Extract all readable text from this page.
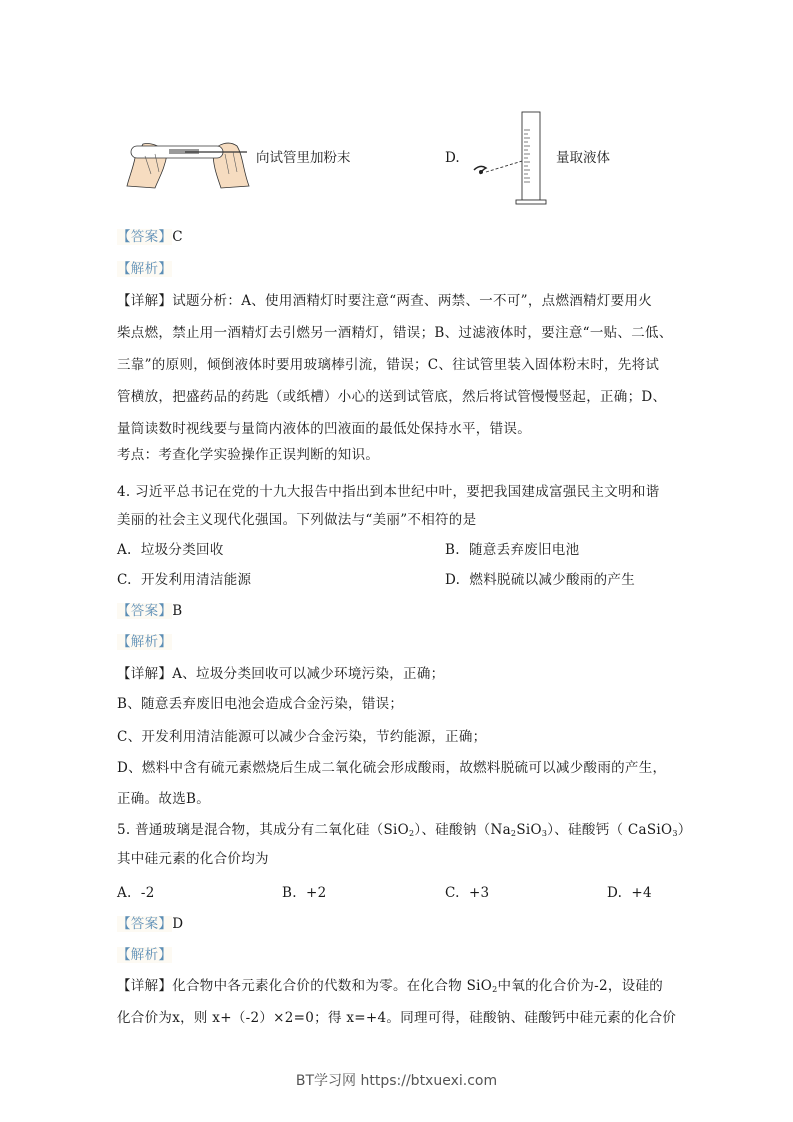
向试管里加粉末	D.	量取液体
【答案】C
【解析】
【详解】试题分析：A、使用酒精灯时要注意“两查、两禁、一不可”，点燃酒精灯要用火
柴点燃，禁止用一酒精灯去引燃另一酒精灯，错误；B、过滤液体时，要注意“一贴、二低、
三靠”的原则，倾倒液体时要用玻璃棒引流，错误；C、往试管里装入固体粉末时，先将试
管横放，把盛药品的药匙（或纸槽）小心的送到试管底，然后将试管慢慢竖起，正确；D、
量筒读数时视线要与量筒内液体的凹液面的最低处保持水平，错误。
考点：考查化学实验操作正误判断的知识。
4. 习近平总书记在党的十九大报告中指出到本世纪中叶，要把我国建成富强民主文明和谐
美丽的社会主义现代化强国。下列做法与“美丽”不相符的是
A. 垃圾分类回收	B. 随意丢弃废旧电池
C. 开发利用清洁能源	D. 燃料脱硫以减少酸雨的产生
【答案】B
【解析】
【详解】A、垃圾分类回收可以减少环境污染，正确；
B、随意丢弃废旧电池会造成合金污染，错误；
C、开发利用清洁能源可以减少合金污染，节约能源，正确；
D、燃料中含有硫元素燃烧后生成二氧化硫会形成酸雨，故燃料脱硫可以减少酸雨的产生，
正确。故选B。
5. 普通玻璃是混合物，其成分有二氧化硅（SiO$_2$）、硅酸钠$(Na_2SiO_3)$、硅酸钙（ CaSiO$_3$）
其中硅元素的化合价均为
A. -2	B. +2	C. +3	D. +4
【答案】D
【解析】
【详解】化合物中各元素化合价的代数和为零。在化合物 SiO$_2$中氧的化合价为-2，设硅的
化合价为x，则 x+（-2）×2=0；得 x=+4。同理可得，硅酸钠、硅酸钙中硅元素的化合价
BT学习网 https://btxuexi.com
